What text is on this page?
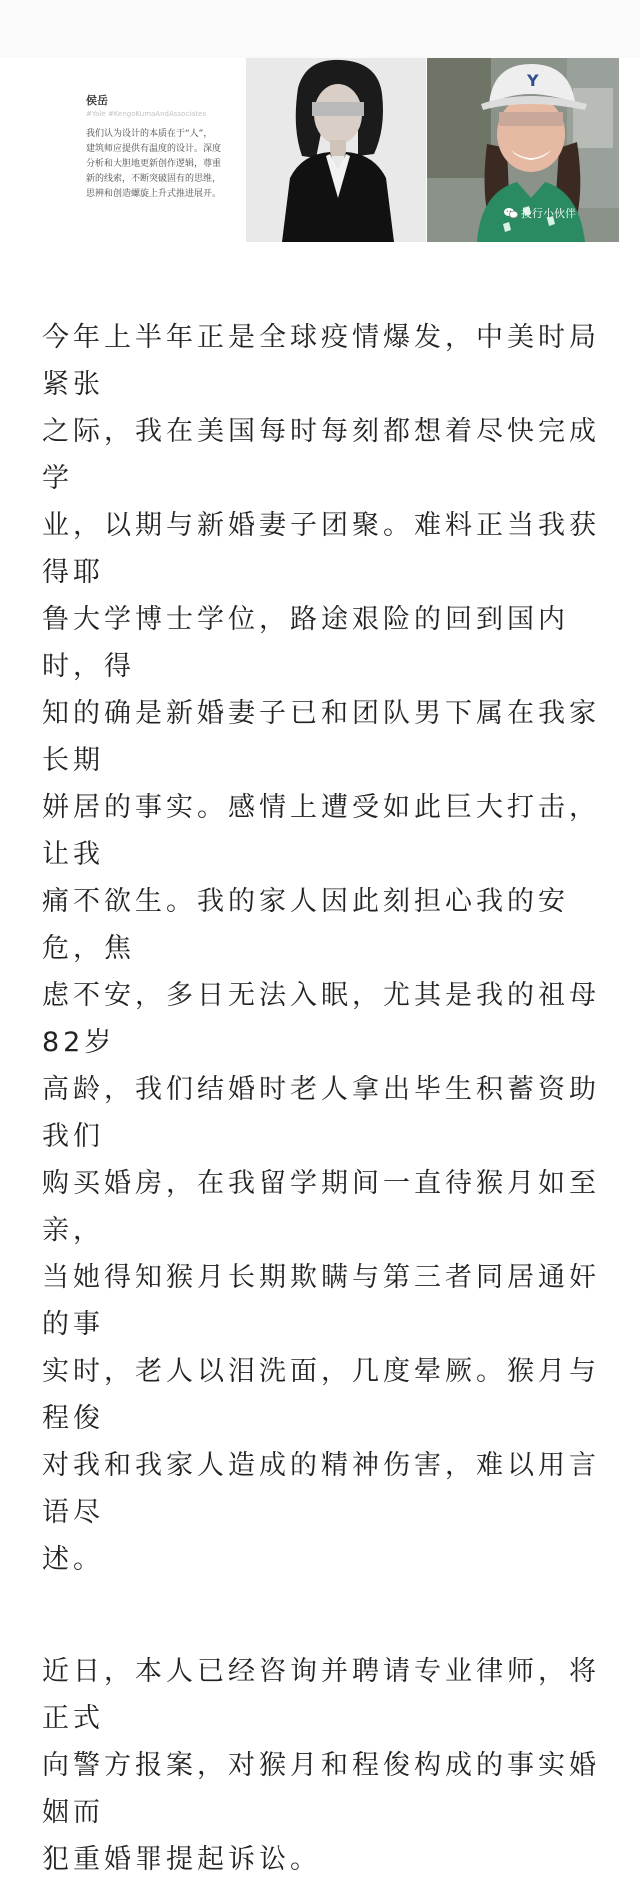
侯岳
#Yale #KengoKumaAndAssociates
我们认为设计的本质在于“人”，
建筑师应提供有温度的设计。深度
分析和大胆地更新创作逻辑，尊重
新的线索，不断突破固有的思维，
思辨和创造螺旋上升式推进展开。
Y
投行小伙伴

今年上半年正是全球疫情爆发，中美时局紧张
之际，我在美国每时每刻都想着尽快完成学
业，以期与新婚妻子团聚。难料正当我获得耶
鲁大学博士学位，路途艰险的回到国内时，得
知的确是新婚妻子已和团队男下属在我家长期
姘居的事实。感情上遭受如此巨大打击，让我
痛不欲生。我的家人因此刻担心我的安危，焦
虑不安，多日无法入眠，尤其是我的祖母82岁
高龄，我们结婚时老人拿出毕生积蓄资助我们
购买婚房，在我留学期间一直待猴月如至亲，
当她得知猴月长期欺瞒与第三者同居通奸的事
实时，老人以泪洗面，几度晕厥。猴月与程俊
对我和我家人造成的精神伤害，难以用言语尽
述。

近日，本人已经咨询并聘请专业律师，将正式
向警方报案，对猴月和程俊构成的事实婚姻而
犯重婚罪提起诉讼。
